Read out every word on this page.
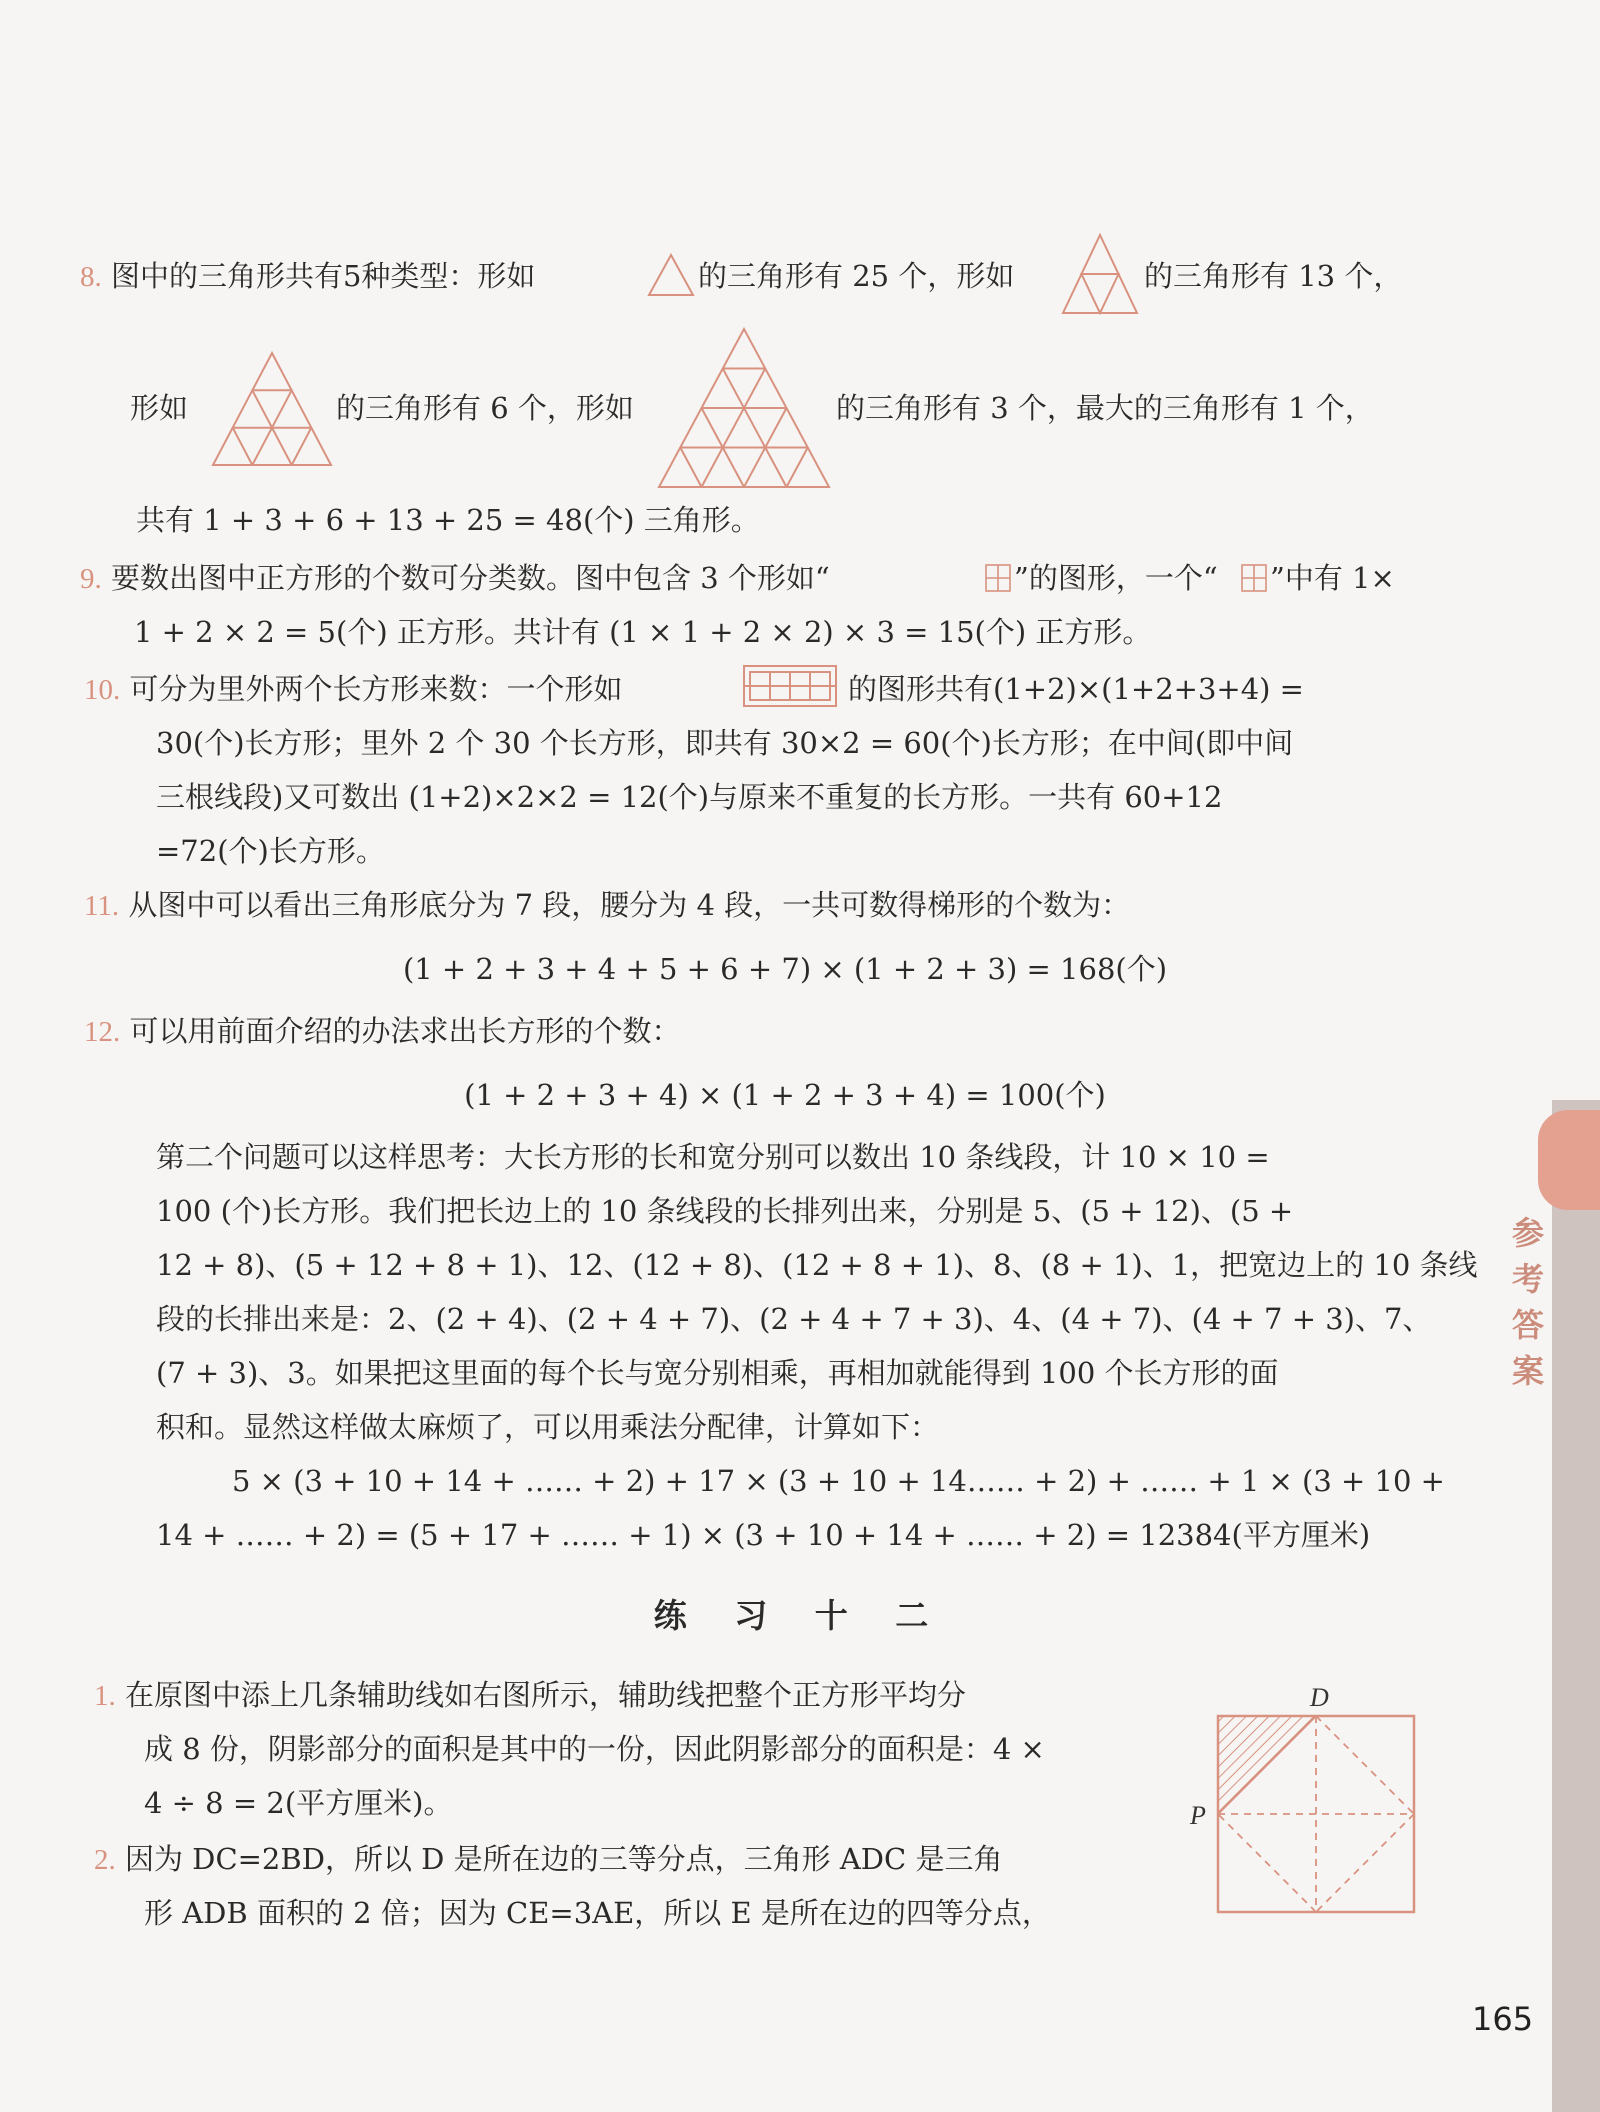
8. 图中的三角形共有5种类型：形如	的三角形有 25 个，形如	的三角形有 13 个，
形如	的三角形有 6 个，形如	的三角形有 3 个，最大的三角形有 1 个，
共有 1 + 3 + 6 + 13 + 25 = 48(个) 三角形。
9. 要数出图中正方形的个数可分类数。图中包含 3 个形如“	”的图形，一个“ ”中有 1×
1 + 2 × 2 = 5(个) 正方形。共计有 (1 × 1 + 2 × 2) × 3 = 15(个) 正方形。
10. 可分为里外两个长方形来数：一个形如	的图形共有(1+2)×(1+2+3+4) =
30(个)长方形；里外 2 个 30 个长方形，即共有 30×2 = 60(个)长方形；在中间(即中间
三根线段)又可数出 (1+2)×2×2 = 12(个)与原来不重复的长方形。一共有 60+12
=72(个)长方形。
11. 从图中可以看出三角形底分为 7 段，腰分为 4 段，一共可数得梯形的个数为：
(1 + 2 + 3 + 4 + 5 + 6 + 7) × (1 + 2 + 3) = 168(个)
12. 可以用前面介绍的办法求出长方形的个数：
(1 + 2 + 3 + 4) × (1 + 2 + 3 + 4) = 100(个)
第二个问题可以这样思考：大长方形的长和宽分别可以数出 10 条线段，计 10 × 10 =
100 (个)长方形。我们把长边上的 10 条线段的长排列出来，分别是 5、(5 + 12)、(5 +
12 + 8)、(5 + 12 + 8 + 1)、12、(12 + 8)、(12 + 8 + 1)、8、(8 + 1)、1，把宽边上的 10 条线
段的长排出来是：2、(2 + 4)、(2 + 4 + 7)、(2 + 4 + 7 + 3)、4、(4 + 7)、(4 + 7 + 3)、7、
(7 + 3)、3。如果把这里面的每个长与宽分别相乘，再相加就能得到 100 个长方形的面
积和。显然这样做太麻烦了，可以用乘法分配律，计算如下：
5 × (3 + 10 + 14 + …… + 2) + 17 × (3 + 10 + 14…… + 2) + …… + 1 × (3 + 10 +
14 + …… + 2) = (5 + 17 + …… + 1) × (3 + 10 + 14 + …… + 2) = 12384(平方厘米)
练 习 十 二
1. 在原图中添上几条辅助线如右图所示，辅助线把整个正方形平均分
成 8 份，阴影部分的面积是其中的一份，因此阴影部分的面积是：4 ×
4 ÷ 8 = 2(平方厘米)。
2. 因为 DC=2BD，所以 D 是所在边的三等分点，三角形 ADC 是三角
形 ADB 面积的 2 倍；因为 CE=3AE，所以 E 是所在边的四等分点，
D
P
参考答案
165
